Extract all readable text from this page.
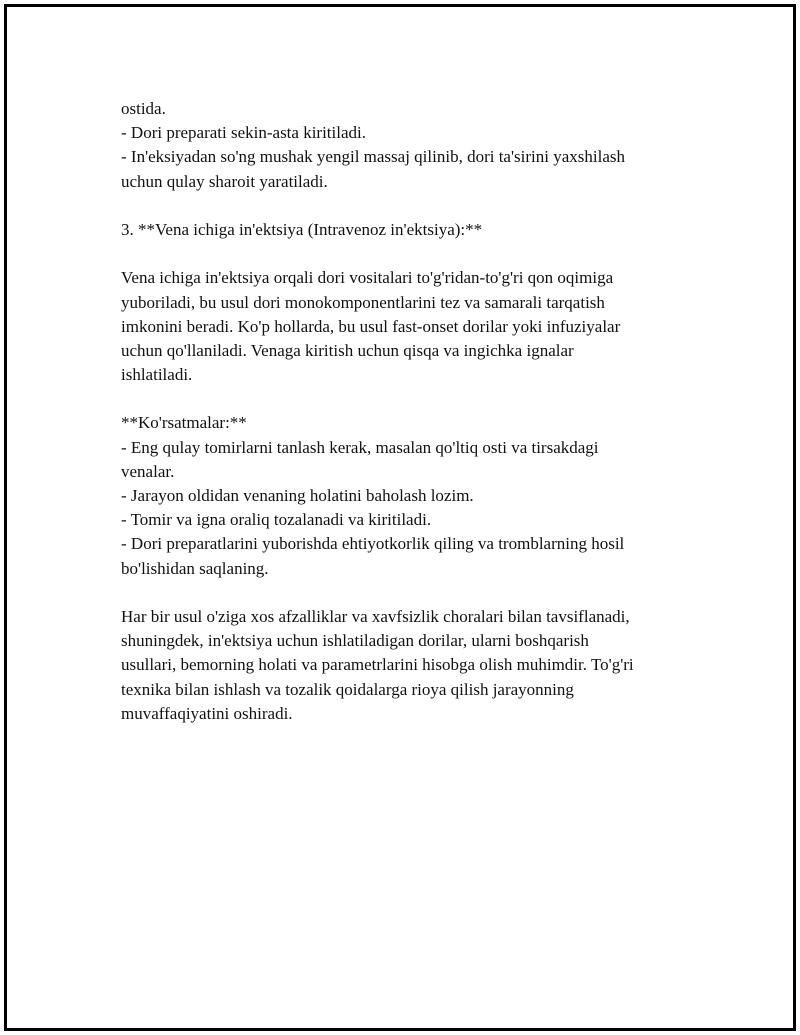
ostida.
- Dori preparati sekin-asta kiritiladi.
- In'eksiyadan so'ng mushak yengil massaj qilinib, dori ta'sirini yaxshilash
uchun qulay sharoit yaratiladi.
3. **Vena ichiga in'ektsiya (Intravenoz in'ektsiya):**
Vena ichiga in'ektsiya orqali dori vositalari to'g'ridan-to'g'ri qon oqimiga
yuboriladi, bu usul dori monokomponentlarini tez va samarali tarqatish
imkonini beradi. Ko'p hollarda, bu usul fast-onset dorilar yoki infuziyalar
uchun qo'llaniladi. Venaga kiritish uchun qisqa va ingichka ignalar
ishlatiladi.
**Ko'rsatmalar:**
- Eng qulay tomirlarni tanlash kerak, masalan qo'ltiq osti va tirsakdagi
venalar.
- Jarayon oldidan venaning holatini baholash lozim.
- Tomir va igna oraliq tozalanadi va kiritiladi.
- Dori preparatlarini yuborishda ehtiyotkorlik qiling va tromblarning hosil
bo'lishidan saqlaning.
Har bir usul o'ziga xos afzalliklar va xavfsizlik choralari bilan tavsiflanadi,
shuningdek, in'ektsiya uchun ishlatiladigan dorilar, ularni boshqarish
usullari, bemorning holati va parametrlarini hisobga olish muhimdir. To'g'ri
texnika bilan ishlash va tozalik qoidalarga rioya qilish jarayonning
muvaffaqiyatini oshiradi.
